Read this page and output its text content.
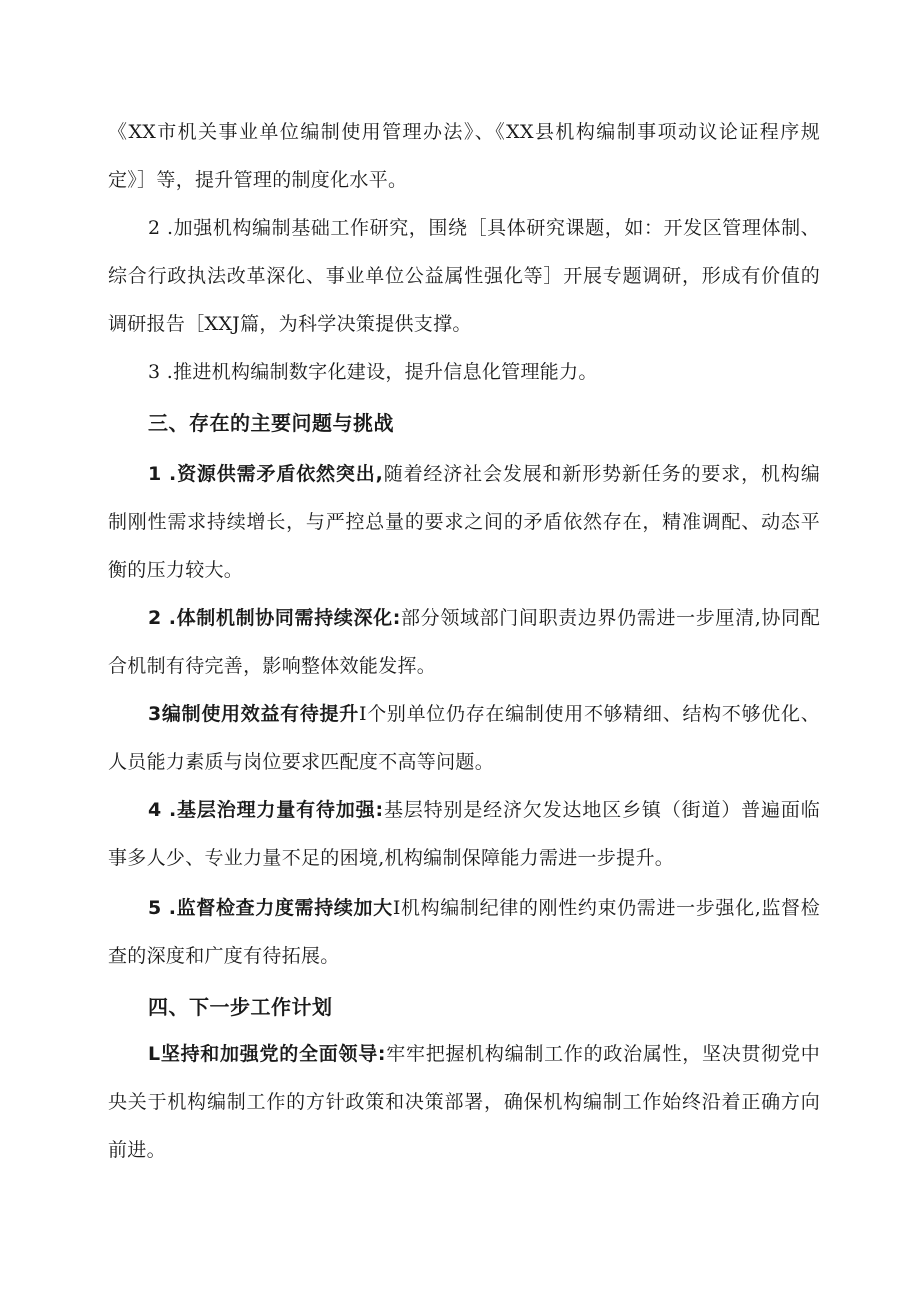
《XX市机关事业单位编制使用管理办法》、《XX县机构编制事项动议论证程序规定》］等，提升管理的制度化水平。

2 .加强机构编制基础工作研究，围绕［具体研究课题，如：开发区管理体制、综合行政执法改革深化、事业单位公益属性强化等］开展专题调研，形成有价值的调研报告［XXJ篇，为科学决策提供支撑。

3 .推进机构编制数字化建设，提升信息化管理能力。

三、存在的主要问题与挑战

1 .资源供需矛盾依然突出,随着经济社会发展和新形势新任务的要求，机构编制刚性需求持续增长，与严控总量的要求之间的矛盾依然存在，精准调配、动态平衡的压力较大。

2 .体制机制协同需持续深化:部分领域部门间职责边界仍需进一步厘清,协同配合机制有待完善，影响整体效能发挥。

3编制使用效益有待提升I个别单位仍存在编制使用不够精细、结构不够优化、人员能力素质与岗位要求匹配度不高等问题。

4 .基层治理力量有待加强:基层特别是经济欠发达地区乡镇（街道）普遍面临事多人少、专业力量不足的困境,机构编制保障能力需进一步提升。

5 .监督检查力度需持续加大I机构编制纪律的刚性约束仍需进一步强化,监督检查的深度和广度有待拓展。

四、下一步工作计划

L坚持和加强党的全面领导:牢牢把握机构编制工作的政治属性，坚决贯彻党中央关于机构编制工作的方针政策和决策部署，确保机构编制工作始终沿着正确方向前进。
